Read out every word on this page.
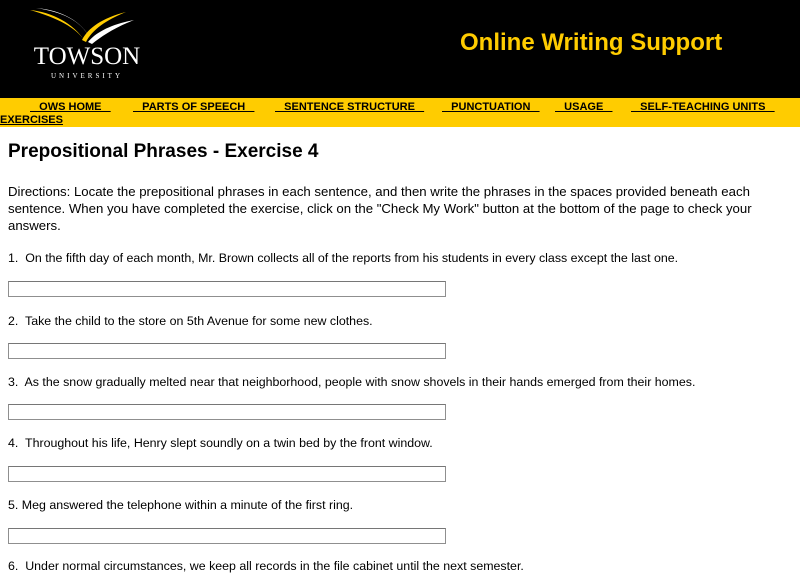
TOWSON
UNIVERSITY
Online Writing Support
OWS HOME PARTS OF SPEECH SENTENCE STRUCTURE PUNCTUATION USAGE SELF-TEACHING UNITS
EXERCISES
Prepositional Phrases - Exercise 4

Directions: Locate the prepositional phrases in each sentence, and then write the phrases in the spaces provided beneath each sentence. When you have completed the exercise, click on the "Check My Work" button at the bottom of the page to check your answers.

1.  On the fifth day of each month, Mr. Brown collects all of the reports from his students in every class except the last one.

2.  Take the child to the store on 5th Avenue for some new clothes.

3.  As the snow gradually melted near that neighborhood, people with snow shovels in their hands emerged from their homes.

4.  Throughout his life, Henry slept soundly on a twin bed by the front window.

5. Meg answered the telephone within a minute of the first ring.

6.  Under normal circumstances, we keep all records in the file cabinet until the next semester.
